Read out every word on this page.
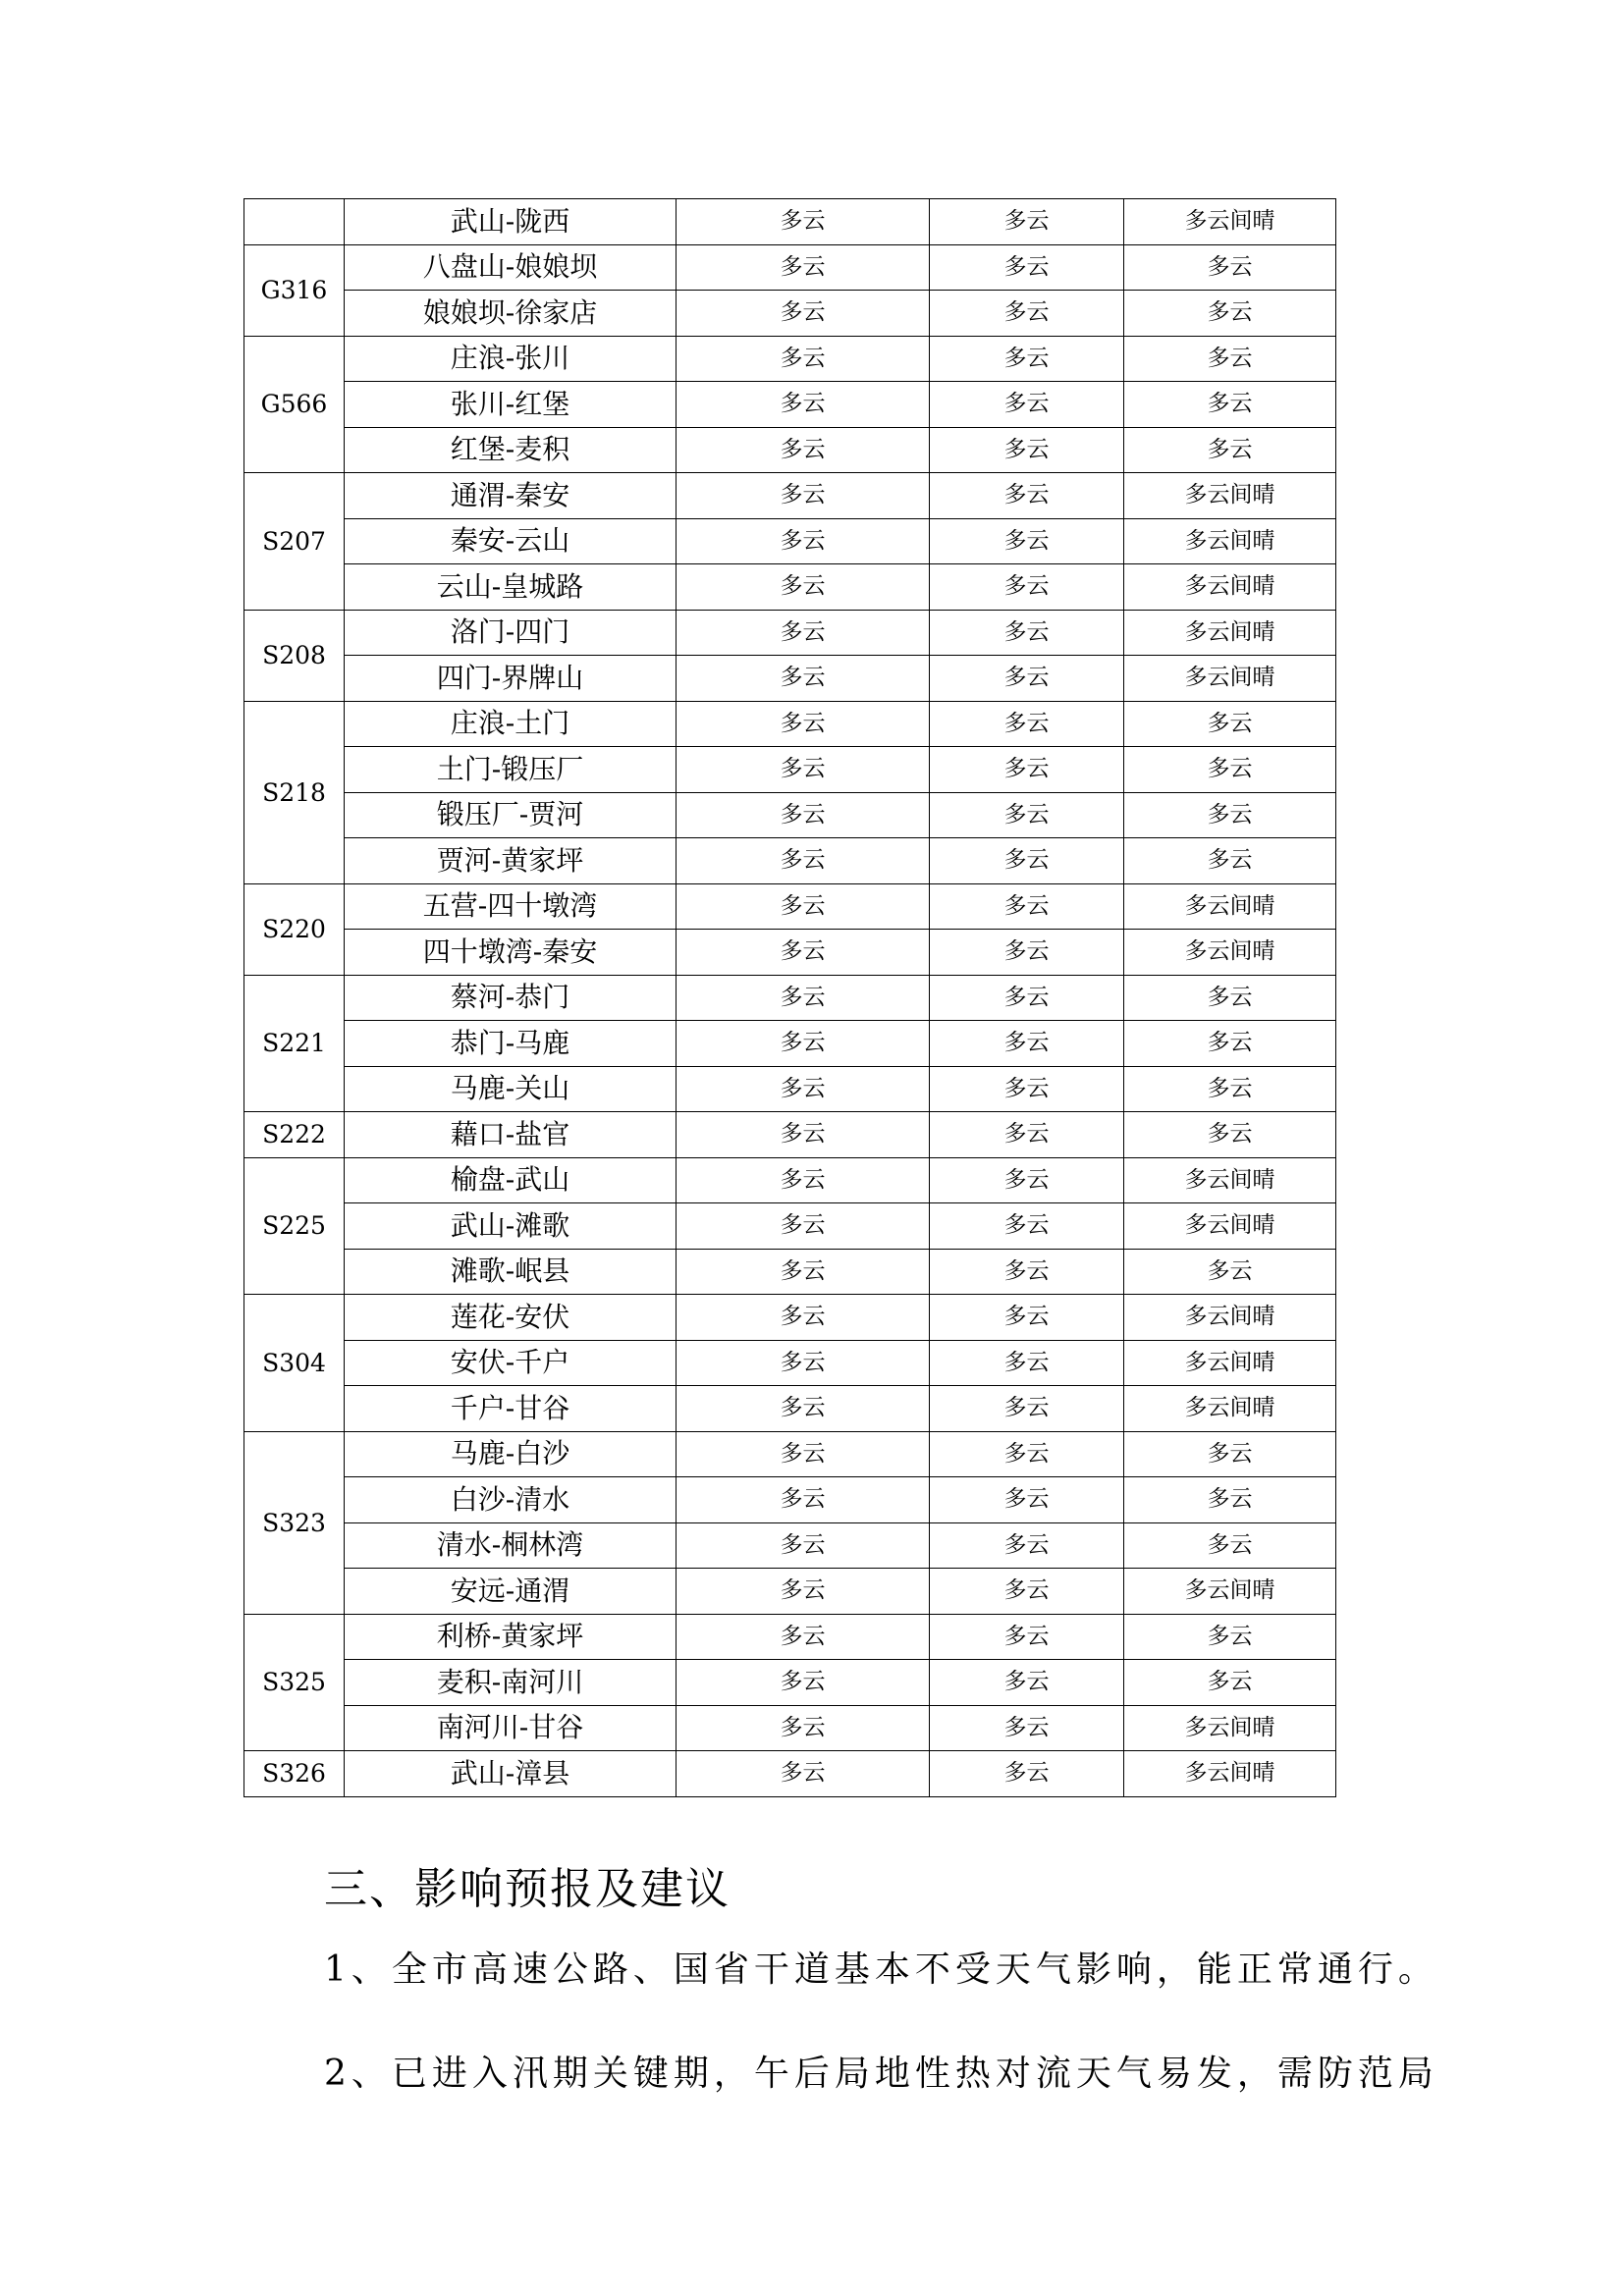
	武山-陇西	多云	多云	多云间晴
G316	八盘山-娘娘坝	多云	多云	多云
	娘娘坝-徐家店	多云	多云	多云
G566	庄浪-张川	多云	多云	多云
	张川-红堡	多云	多云	多云
	红堡-麦积	多云	多云	多云
S207	通渭-秦安	多云	多云	多云间晴
	秦安-云山	多云	多云	多云间晴
	云山-皇城路	多云	多云	多云间晴
S208	洛门-四门	多云	多云	多云间晴
	四门-界牌山	多云	多云	多云间晴
S218	庄浪-土门	多云	多云	多云
	土门-锻压厂	多云	多云	多云
	锻压厂-贾河	多云	多云	多云
	贾河-黄家坪	多云	多云	多云
S220	五营-四十墩湾	多云	多云	多云间晴
	四十墩湾-秦安	多云	多云	多云间晴
S221	蔡河-恭门	多云	多云	多云
	恭门-马鹿	多云	多云	多云
	马鹿-关山	多云	多云	多云
S222	藉口-盐官	多云	多云	多云
S225	榆盘-武山	多云	多云	多云间晴
	武山-滩歌	多云	多云	多云间晴
	滩歌-岷县	多云	多云	多云
S304	莲花-安伏	多云	多云	多云间晴
	安伏-千户	多云	多云	多云间晴
	千户-甘谷	多云	多云	多云间晴
S323	马鹿-白沙	多云	多云	多云
	白沙-清水	多云	多云	多云
	清水-桐林湾	多云	多云	多云
	安远-通渭	多云	多云	多云间晴
S325	利桥-黄家坪	多云	多云	多云
	麦积-南河川	多云	多云	多云
	南河川-甘谷	多云	多云	多云间晴
S326	武山-漳县	多云	多云	多云间晴
三、影响预报及建议
1、全市高速公路、国省干道基本不受天气影响，能正常通行。
2、已进入汛期关键期，午后局地性热对流天气易发，需防范局
